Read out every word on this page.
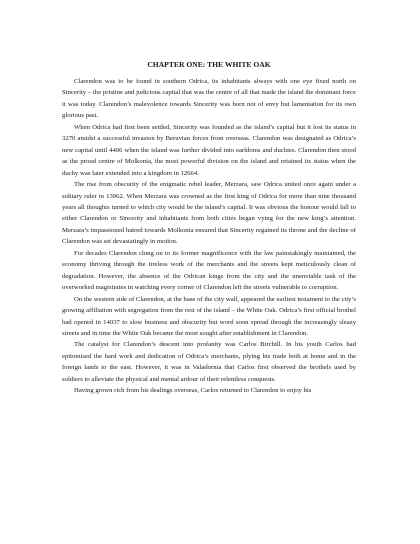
CHAPTER ONE: THE WHITE OAK

Clarendon was to be found in southern Odrica, its inhabitants always with one eye fixed north on Sincerity – the pristine and judicious capital that was the centre of all that made the island the dominant force it was today. Clarendon’s malevolence towards Sincerity was born not of envy but lamentation for its own glorious past.

When Odrica had first been settled, Sincerity was founded as the island’s capital but it lost its status in 3270 amidst a successful invasion by Beruvian forces from overseas. Clarendon was designated as Odrica’s new capital until 4406 when the island was further divided into earldoms and duchies. Clarendon then stood as the proud centre of Molkonia, the most powerful division on the island and retained its status when the duchy was later extended into a kingdom in 12664.

The rise from obscurity of the enigmatic rebel leader, Merzara, saw Odrica united once again under a solitary ruler in 13962. When Merzara was crowned as the first king of Odrica for more than nine thousand years all thoughts turned to which city would be the island’s capital. It was obvious the honour would fall to either Clarendon or Sincerity and inhabitants from both cities began vying for the new king’s attention. Merzara’s impassioned hatred towards Molkonia ensured that Sincerity regained its throne and the decline of Clarendon was set devastatingly in motion.

For decades Clarendon clung on to its former magnificence with the law painstakingly maintained, the economy thriving through the tireless work of the merchants and the streets kept meticulously clean of degradation. However, the absence of the Odrican kings from the city and the unenviable task of the overworked magistrates in watching every corner of Clarendon left the streets vulnerable to corruption.

On the western side of Clarendon, at the base of the city wall, appeared the earliest testament to the city’s growing affiliation with segregation from the rest of the island – the White Oak. Odrica’s first official brothel had opened in 14037 to slow business and obscurity but word soon spread through the increasingly sleazy streets and in time the White Oak became the most sought after establishment in Clarendon.

The catalyst for Clarendon’s descent into profanity was Carlos Birchill. In his youth Carlos had epitomised the hard work and dedication of Odrica’s merchants, plying his trade both at home and in the foreign lands to the east. However, it was in Valadornia that Carlos first observed the brothels used by soldiers to alleviate the physical and mental ardour of their relentless conquests.

Having grown rich from his dealings overseas, Carlos returned to Clarendon to enjoy his
